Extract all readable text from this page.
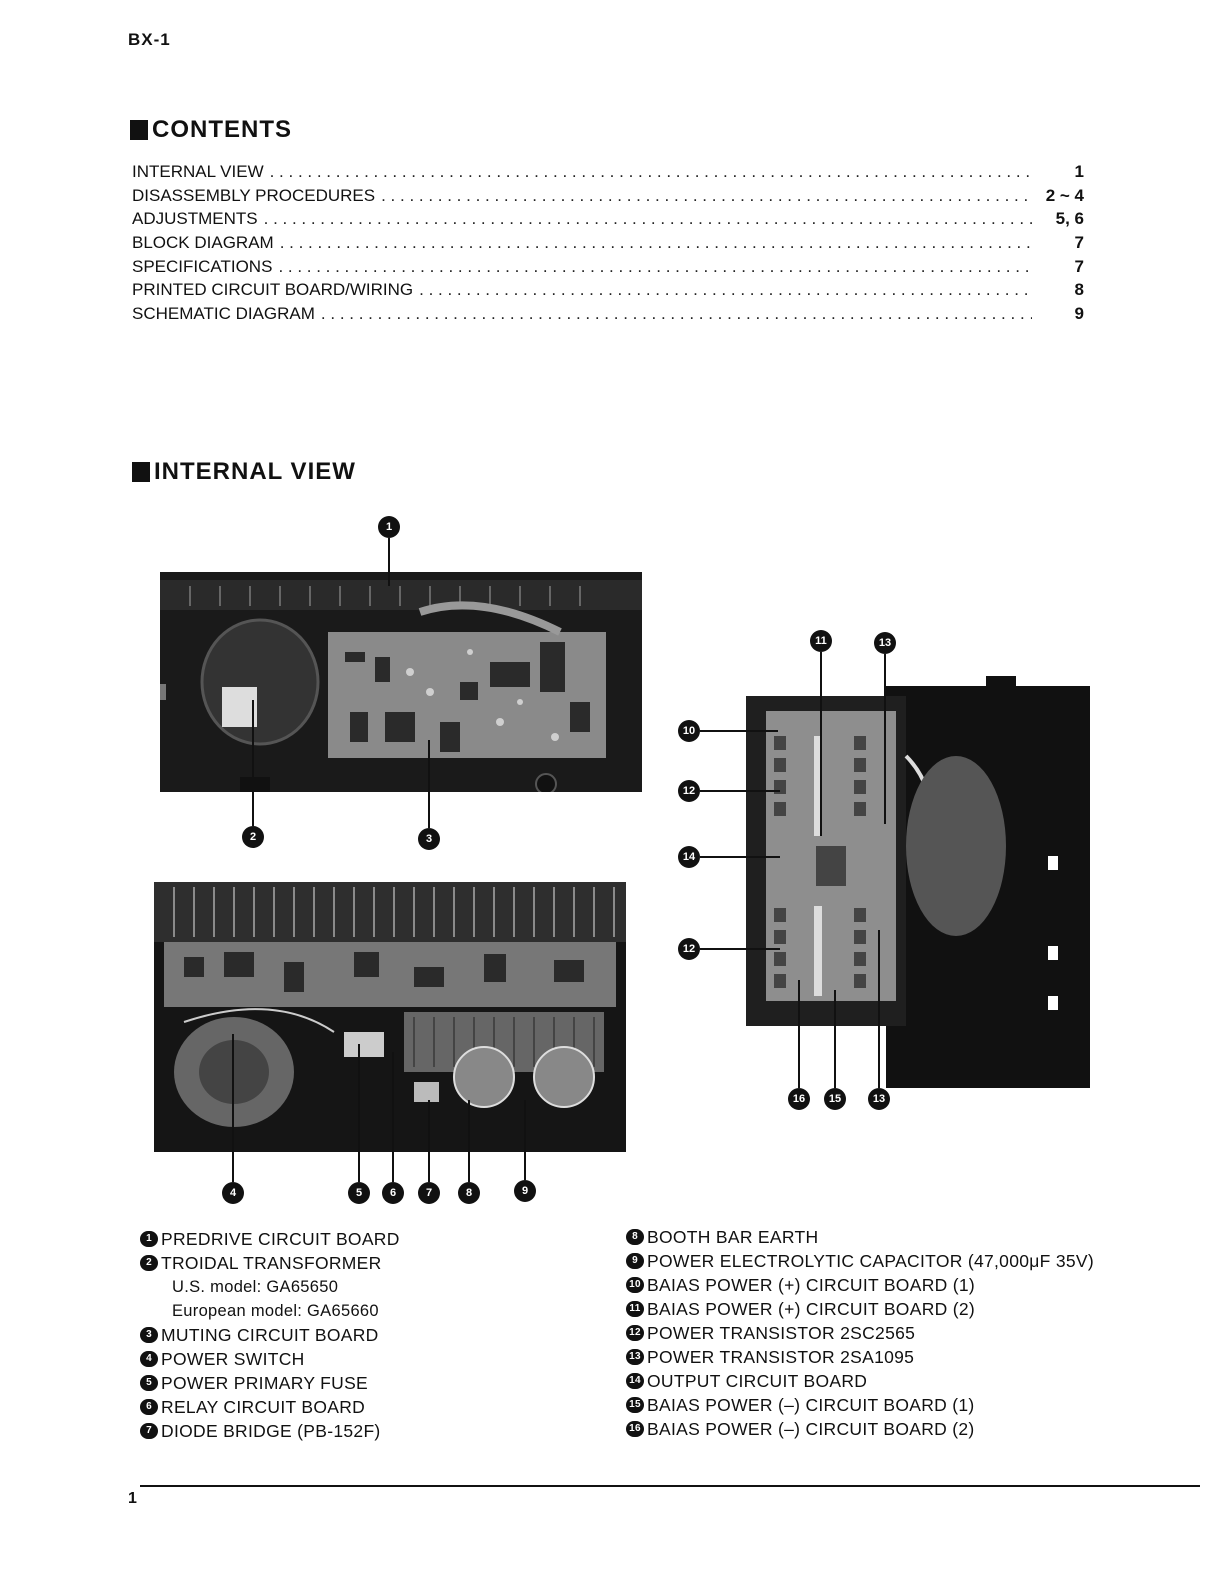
BX-1
CONTENTS
INTERNAL VIEW . . .	1
DISASSEMBLY PROCEDURES . . .	2 ~ 4
ADJUSTMENTS . . .	5, 6
BLOCK DIAGRAM . . .	7
SPECIFICATIONS . . .	7
PRINTED CIRCUIT BOARD/WIRING . . .	8
SCHEMATIC DIAGRAM . . .	9
INTERNAL VIEW
1
2	3
4	5	6	7	8	9
11	13
10
12
14
12
16	15	13
1 PREDRIVE CIRCUIT BOARD
2 TROIDAL TRANSFORMER
U.S. model: GA65650
European model: GA65660
3 MUTING CIRCUIT BOARD
4 POWER SWITCH
5 POWER PRIMARY FUSE
6 RELAY CIRCUIT BOARD
7 DIODE BRIDGE (PB-152F)
8 BOOTH BAR EARTH
9 POWER ELECTROLYTIC CAPACITOR (47,000μF 35V)
10 BAIAS POWER (+) CIRCUIT BOARD (1)
11 BAIAS POWER (+) CIRCUIT BOARD (2)
12 POWER TRANSISTOR 2SC2565
13 POWER TRANSISTOR 2SA1095
14 OUTPUT CIRCUIT BOARD
15 BAIAS POWER (–) CIRCUIT BOARD (1)
16 BAIAS POWER (–) CIRCUIT BOARD (2)
1
